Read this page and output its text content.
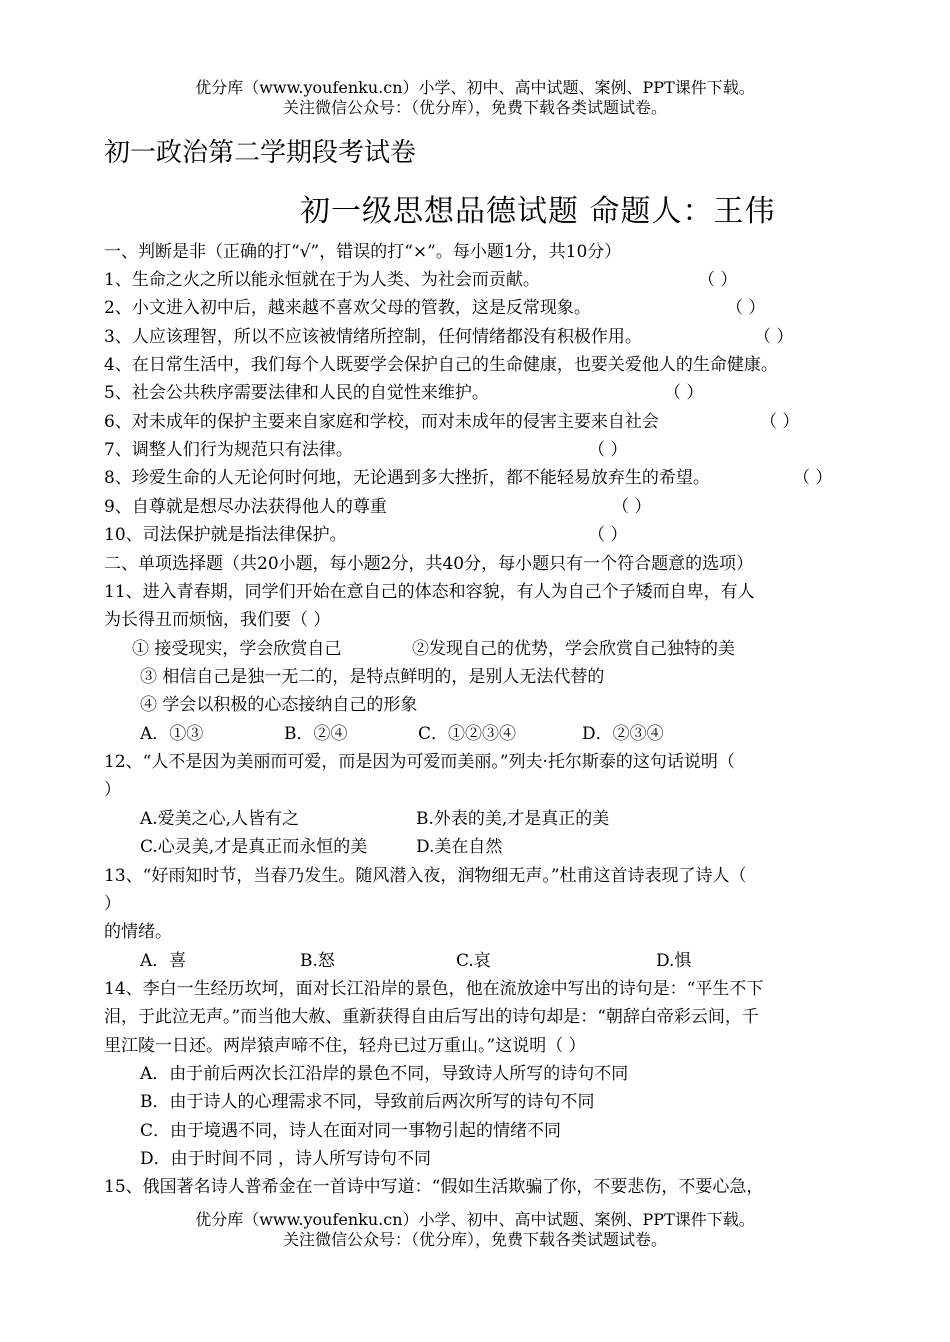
优分库（www.youfenku.cn）小学、初中、高中试题、案例、PPT课件下载。
关注微信公众号：（优分库），免费下载各类试题试卷。
初一政治第二学期段考试卷
初一级思想品德试题 命题人：王伟
一、判断是非（正确的打“√”，错误的打“×”。每小题1分，共10分）
1、生命之火之所以能永恒就在于为人类、为社会而贡献。	（ ）
2、小文进入初中后，越来越不喜欢父母的管教，这是反常现象。	（ ）
3、人应该理智，所以不应该被情绪所控制，任何情绪都没有积极作用。	（ ）
4、在日常生活中，我们每个人既要学会保护自己的生命健康，也要关爱他人的生命健康。
5、社会公共秩序需要法律和人民的自觉性来维护。	（ ）
6、对未成年的保护主要来自家庭和学校，而对未成年的侵害主要来自社会	（ ）
7、调整人们行为规范只有法律。	（ ）
8、珍爱生命的人无论何时何地，无论遇到多大挫折，都不能轻易放弃生的希望。	（ ）
9、自尊就是想尽办法获得他人的尊重	（ ）
10、司法保护就是指法律保护。	（ ）
二、单项选择题（共20小题，每小题2分，共40分，每小题只有一个符合题意的选项）
11、进入青春期，同学们开始在意自己的体态和容貌，有人为自己个子矮而自卑，有人
为长得丑而烦恼，我们要（ ）
① 接受现实，学会欣赏自己	②发现自己的优势，学会欣赏自己独特的美
③ 相信自己是独一无二的，是特点鲜明的，是别人无法代替的
④ 学会以积极的心态接纳自己的形象
A．①③	B．②④	C．①②③④	D．②③④
12、“人不是因为美丽而可爱，而是因为可爱而美丽。”列夫·托尔斯泰的这句话说明（
）
A.爱美之心,人皆有之	B.外表的美,才是真正的美
C.心灵美,才是真正而永恒的美	D.美在自然
13、“好雨知时节，当春乃发生。随风潜入夜，润物细无声。”杜甫这首诗表现了诗人（
）
的情绪。
A．喜	B.怒	C.哀	D.惧
14、李白一生经历坎坷，面对长江沿岸的景色，他在流放途中写出的诗句是：“平生不下
泪，于此泣无声。”而当他大赦、重新获得自由后写出的诗句却是：“朝辞白帝彩云间，千
里江陵一日还。两岸猿声啼不住，轻舟已过万重山。”这说明（ ）
A．由于前后两次长江沿岸的景色不同，导致诗人所写的诗句不同
B．由于诗人的心理需求不同，导致前后两次所写的诗句不同
C．由于境遇不同，诗人在面对同一事物引起的情绪不同
D．由于时间不同 ，诗人所写诗句不同
15、俄国著名诗人普希金在一首诗中写道：“假如生活欺骗了你，不要悲伤，不要心急，
优分库（www.youfenku.cn）小学、初中、高中试题、案例、PPT课件下载。
关注微信公众号：（优分库），免费下载各类试题试卷。
